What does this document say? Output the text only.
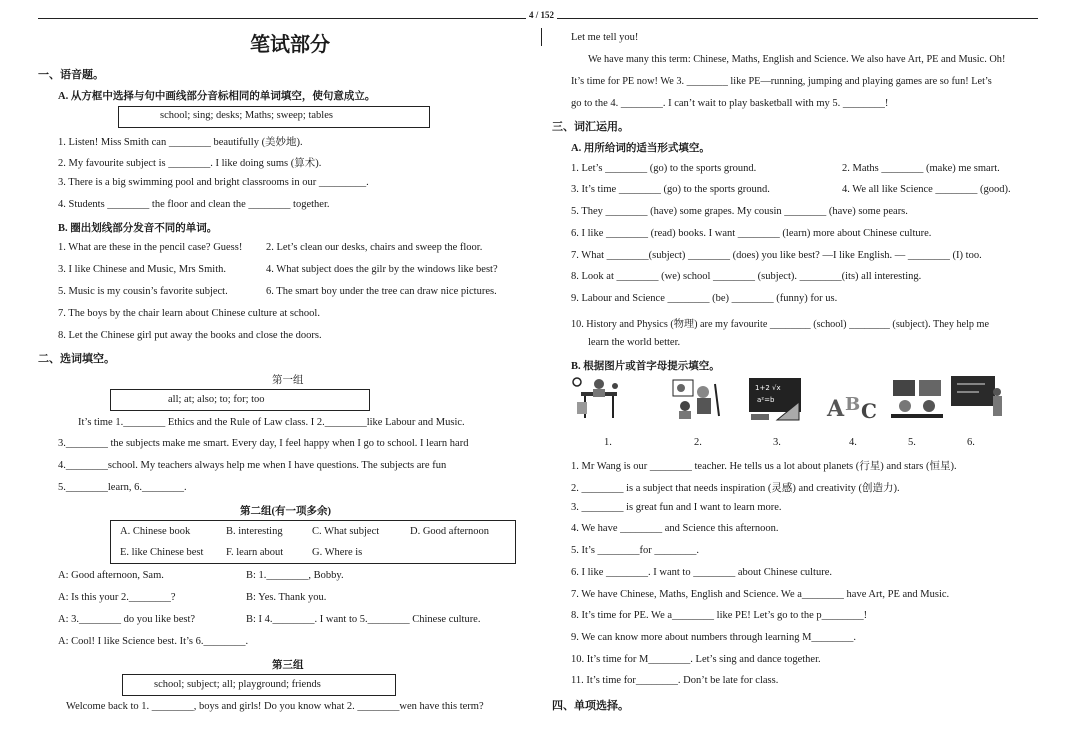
4 / 152
笔试部分
一、语音题。
A. 从方框中选择与句中画线部分音标相同的单词填空，使句意成立。
school; sing; desks; Maths; sweep; tables
1. Listen! Miss Smith can ________ beautifully (美妙地).
2. My favourite subject is ________. I like doing sums (算术).
3. There is a big swimming pool and bright classrooms in our _________.
4. Students ________ the floor and clean the ________ together.
B. 圈出划线部分发音不同的单词。
1. What are these in the pencil case? Guess! 2. Let’s clean our desks, chairs and sweep the floor.
3. I like Chinese and Music, Mrs Smith.	4. What subject does the gilr by the windows like best?
5. Music is my cousin’s favorite subject.	6. The smart boy under the tree can draw nice pictures.
7. The boys by the chair learn about Chinese culture at school.
8. Let the Chinese girl put away the books and close the doors.
二、选词填空。
第一组
all; at; also; to; for; too
It’s time 1.________ Ethics and the Rule of Law class. I 2.________like Labour and Music.
3.________ the subjects make me smart. Every day, I feel happy when I go to school. I learn hard
4.________school. My teachers always help me when I have questions. The subjects are fun
5.________learn, 6.________.
第二组(有一项多余)
A. Chinese book	B. interesting	C. What subject	D. Good afternoon
E. like Chinese best F. learn about	G. Where is
A: Good afternoon, Sam.	B: 1.________, Bobby.
A: Is this your 2.________?	B: Yes. Thank you.
A: 3.________ do you like best?	B: I 4.________. I want to 5.________ Chinese culture.
A: Cool! I like Science best. It’s 6.________.
第三组
school; subject; all; playground; friends
Welcome back to 1. ________, boys and girls! Do you know what 2. ________wen have this term?
Let me tell you!
We have many this term: Chinese, Maths, English and Science. We also have Art, PE and Music. Oh!
It’s time for PE now! We 3. ________ like PE—running, jumping and playing games are so fun! Let’s
go to the 4. ________. I can’t wait to play basketball with my 5. ________!
三、词汇运用。
A. 用所给词的适当形式填空。
1. Let’s ________ (go) to the sports ground.	2. Maths ________ (make) me smart.
3. It’s time ________ (go) to the sports ground.	4. We all like Science ________ (good).
5. They ________ (have) some grapes. My cousin ________ (have) some pears.
6. I like ________ (read) books. I want ________ (learn) more about Chinese culture.
7. What ________(subject) ________ (does) you like best? —I like English. — ________ (I) too.
8. Look at ________ (we) school ________ (subject). ________(its) all interesting.
9. Labour and Science ________ (be) ________ (funny) for us.
10. History and Physics (物理) are my favourite ________ (school) ________ (subject). They help me
learn the world better.
B. 根据图片或首字母提示填空。
1+2 √x
a²=b A B C
1.	2.	3.	4.	5.	6.
1. Mr Wang is our ________ teacher. He tells us a lot about planets (行星) and stars (恒星).
2. ________ is a subject that needs inspiration (灵感) and creativity (创造力).
3. ________ is great fun and I want to learn more.
4. We have ________ and Science this afternoon.
5. It’s ________for ________.
6. I like ________. I want to ________ about Chinese culture.
7. We have Chinese, Maths, English and Science. We a________ have Art, PE and Music.
8. It’s time for PE. We a________ like PE! Let’s go to the p________!
9. We can know more about numbers through learning M________.
10. It’s time for M________. Let’s sing and dance together.
11. It’s time for________. Don’t be late for class.
四、单项选择。
